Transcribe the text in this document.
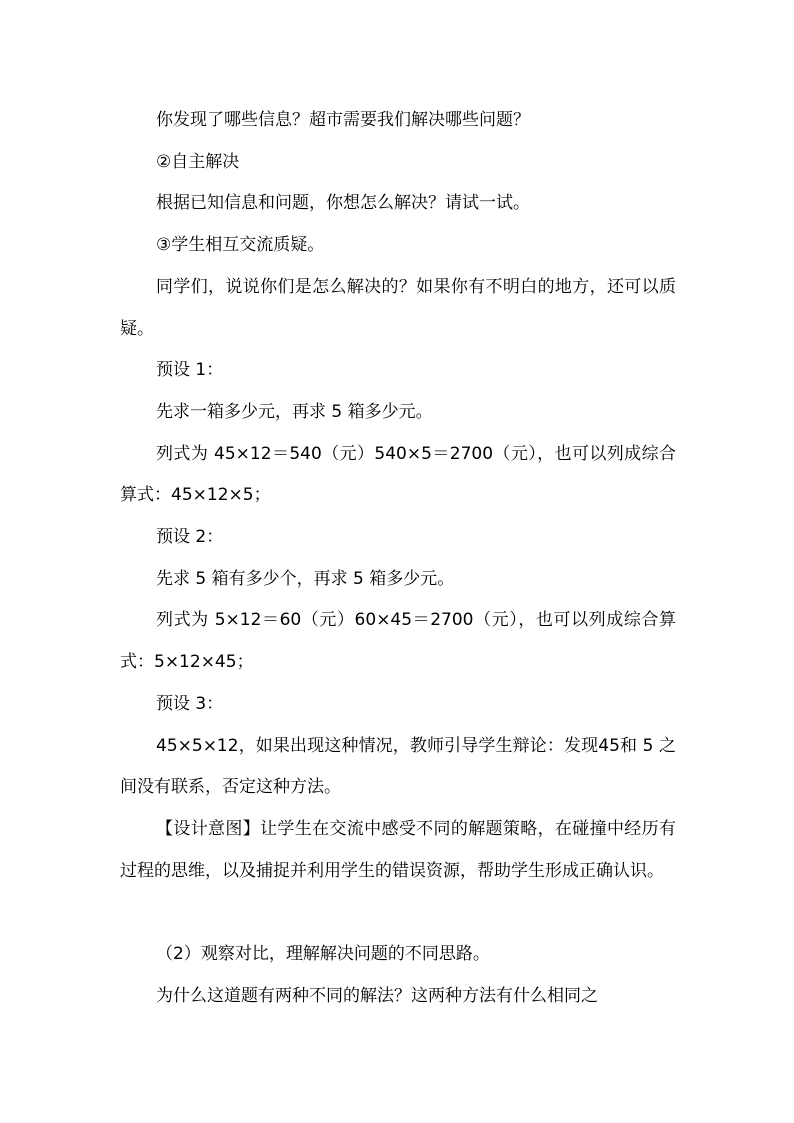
你发现了哪些信息？超市需要我们解决哪些问题？

②自主解决

根据已知信息和问题，你想怎么解决？请试一试。

③学生相互交流质疑。

同学们，说说你们是怎么解决的？如果你有不明白的地方，还可以质疑。

预设 1：

先求一箱多少元，再求 5 箱多少元。

列式为 45×12＝540（元）540×5＝2700（元），也可以列成综合算式：45×12×5；

预设 2：

先求 5 箱有多少个，再求 5 箱多少元。

列式为 5×12＝60（元）60×45＝2700（元），也可以列成综合算式：5×12×45；

预设 3：

45×5×12，如果出现这种情况，教师引导学生辩论：发现45和 5 之间没有联系，否定这种方法。

【设计意图】让学生在交流中感受不同的解题策略，在碰撞中经历有过程的思维，以及捕捉并利用学生的错误资源，帮助学生形成正确认识。

（2）观察对比，理解解决问题的不同思路。

为什么这道题有两种不同的解法？这两种方法有什么相同之
